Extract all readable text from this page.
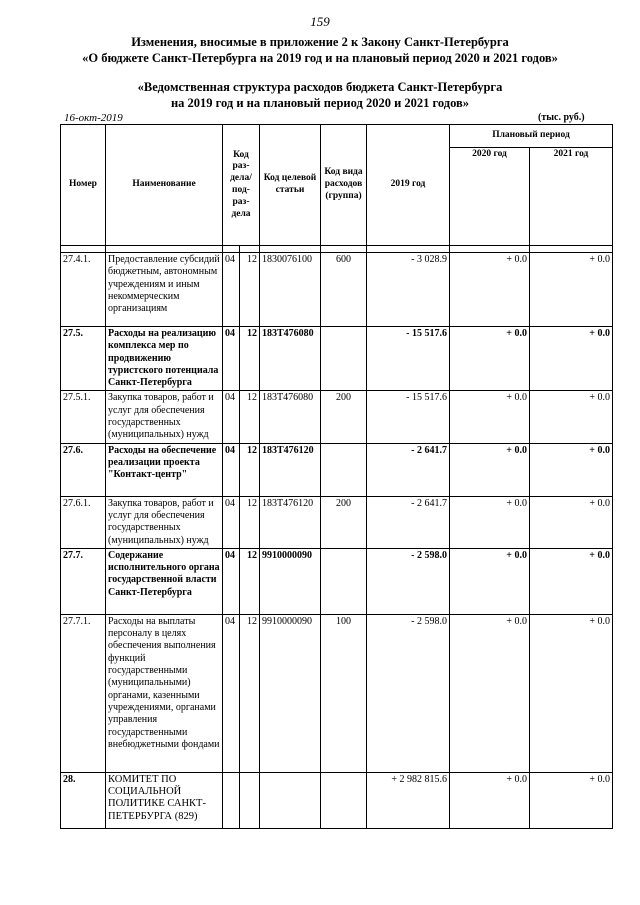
159
Изменения, вносимые в приложение 2 к Закону Санкт-Петербурга
«О бюджете Санкт-Петербурга на 2019 год и на плановый период 2020 и 2021 годов»
«Ведомственная структура расходов бюджета Санкт-Петербурга
на 2019 год и на плановый период 2020 и 2021 годов»
16-окт-2019	(тыс. руб.)
Номер	Наименование	Код раз-дела/ под-раз-дела		Код целевой статьи	Код вида расходов (группа)	2019 год	Плановый период	
							2020 год	2021 год

27.4.1.	Предоставление субсидий бюджетным, автономным учреждениям и иным некоммерческим организациям	04	12	1830076100	600	- 3 028.9	+ 0.0	+ 0.0
27.5.	Расходы на реализацию комплекса мер по продвижению туристского потенциала Санкт-Петербурга	04	12	183Т476080		- 15 517.6	+ 0.0	+ 0.0
27.5.1.	Закупка товаров, работ и услуг для обеспечения государственных (муниципальных) нужд	04	12	183Т476080	200	- 15 517.6	+ 0.0	+ 0.0
27.6.	Расходы на обеспечение реализации проекта "Контакт-центр"	04	12	183Т476120		- 2 641.7	+ 0.0	+ 0.0
27.6.1.	Закупка товаров, работ и услуг для обеспечения государственных (муниципальных) нужд	04	12	183Т476120	200	- 2 641.7	+ 0.0	+ 0.0
27.7.	Содержание исполнительного органа государственной власти Санкт-Петербурга	04	12	9910000090		- 2 598.0	+ 0.0	+ 0.0
27.7.1.	Расходы на выплаты персоналу в целях обеспечения выполнения функций государственными (муниципальными) органами, казенными учреждениями, органами управления государственными внебюджетными фондами	04	12	9910000090	100	- 2 598.0	+ 0.0	+ 0.0
28.	КОМИТЕТ ПО СОЦИАЛЬНОЙ ПОЛИТИКЕ САНКТ-ПЕТЕРБУРГА (829)					+ 2 982 815.6	+ 0.0	+ 0.0
